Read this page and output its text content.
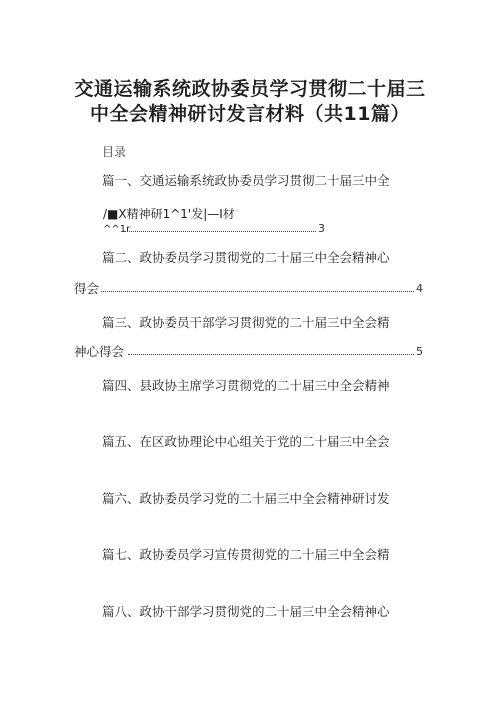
交通运输系统政协委员学习贯彻二十届三
中全会精神研讨发言材料（共11篇）
目录
篇一、交通运输系统政协委员学习贯彻二十届三中全
/■X精神研1^1'发|—I材
^^1r	3
篇二、政协委员学习贯彻党的二十届三中全会精神心
得会	4
篇三、政协委员干部学习贯彻党的二十届三中全会精
神心得会	5
篇四、县政协主席学习贯彻党的二十届三中全会精神
篇五、在区政协理论中心组关于党的二十届三中全会
篇六、政协委员学习党的二十届三中全会精神研讨发
篇七、政协委员学习宣传贯彻党的二十届三中全会精
篇八、政协干部学习贯彻党的二十届三中全会精神心
